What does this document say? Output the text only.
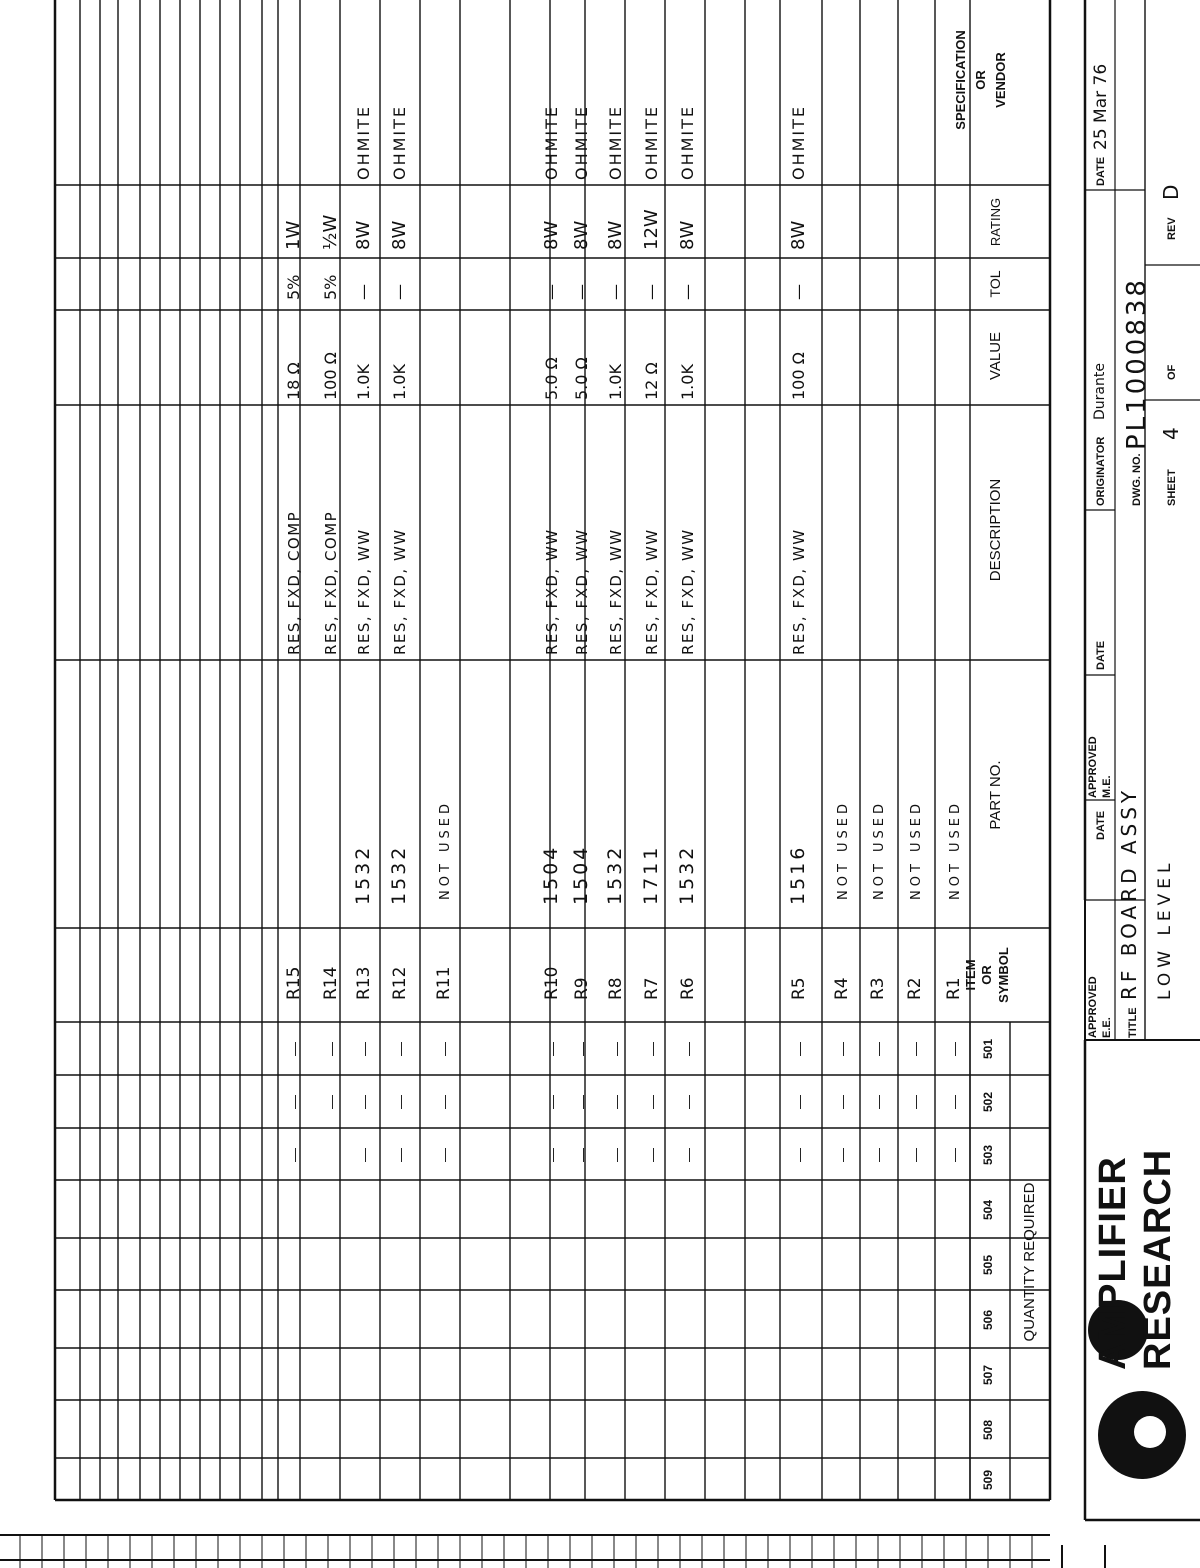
509
508
507
506
505
504
503
502
501
QUANTITY REQUIRED
ITEM OR SYMBOL
PART NO.
DESCRIPTION
VALUE
TOL
RATING
SPECIFICATION OR VENDOR
—
—
—
R15
RES, FXD, COMP
18 Ω
5%
1W
—
—
R14
RES, FXD, COMP
100 Ω
5%
½W
—
—
—
R13
1532
RES, FXD, WW
1.0K
—
8W
OHMITE
—
—
—
R12
1532
RES, FXD, WW
1.0K
—
8W
OHMITE
—
—
—
R11
NOT USED
—
—
—
R10
1504
RES, FXD, WW
5.0 Ω
—
8W
OHMITE
—
—
—
R9
1504
RES, FXD, WW
5.0 Ω
—
8W
OHMITE
—
—
—
R8
1532
RES, FXD, WW
1.0K
—
8W
OHMITE
—
—
—
R7
1711
RES, FXD, WW
12 Ω
—
12W
OHMITE
—
—
—
R6
1532
RES, FXD, WW
1.0K
—
8W
OHMITE
—
—
—
R5
1516
RES, FXD, WW
100 Ω
—
8W
OHMITE
—
—
—
R4
NOT USED
—
—
—
R3
NOT USED
—
—
—
R2
NOT USED
—
—
—
R1
NOT USED
AMPLIFIER RESEARCH
APPROVED E.E.
DATE
APPROVED M.E.
DATE
ORIGINATOR
Durante
DATE
25 Mar 76
TITLE
RF BOARD ASSY LOW LEVEL
DWG. NO.
PL1000838
SHEET
4
OF
REV
D
